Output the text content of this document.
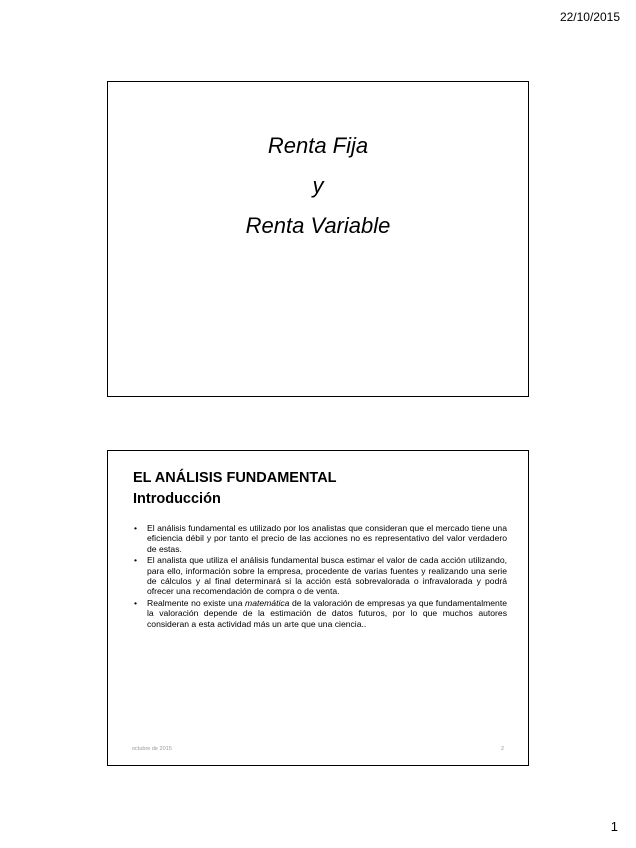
22/10/2015
Renta Fija
y
Renta Variable
EL ANÁLISIS FUNDAMENTAL
Introducción
• El análisis fundamental es utilizado por los analistas que consideran que el mercado tiene una eficiencia débil y por tanto el precio de las acciones no es representativo del valor verdadero de estas.
• El analista que utiliza el análisis fundamental busca estimar el valor de cada acción utilizando, para ello, información sobre la empresa, procedente de varias fuentes y realizando una serie de cálculos y al final determinará si la acción está sobrevalorada o infravalorada y podrá ofrecer una recomendación de compra o de venta.
• Realmente no existe una matemática de la valoración de empresas ya que fundamentalmente la valoración depende de la estimación de datos futuros, por lo que muchos autores consideran a esta actividad más un arte que una ciencia..
octubre de 2015	2
1
